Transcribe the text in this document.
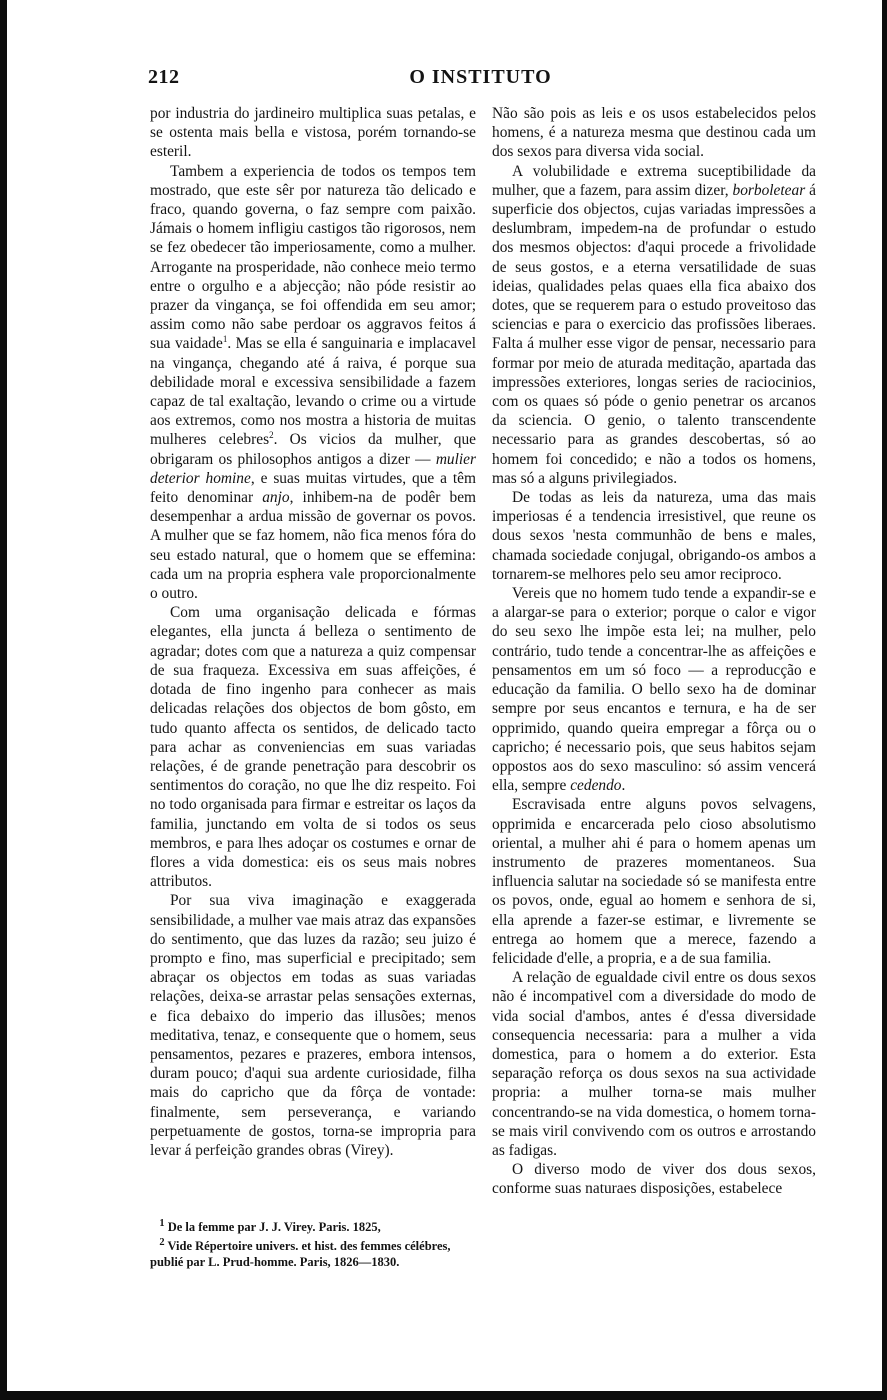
212	O INSTITUTO

por industria do jardineiro multiplica suas petalas, e se ostenta mais bella e vistosa, porém tornando-se esteril.

Tambem a experiencia de todos os tempos tem mostrado, que este sêr por natureza tão delicado e fraco, quando governa, o faz sempre com paixão. Jámais o homem infligiu castigos tão rigorosos, nem se fez obedecer tão imperiosamente, como a mulher. Arrogante na prosperidade, não conhece meio termo entre o orgulho e a abjecção; não póde resistir ao prazer da vingança, se foi offendida em seu amor; assim como não sabe perdoar os aggravos feitos á sua vaidade$^1$. Mas se ella é sanguinaria e implacavel na vingança, chegando até á raiva, é porque sua debilidade moral e excessiva sensibilidade a fazem capaz de tal exaltação, levando o crime ou a virtude aos extremos, como nos mostra a historia de muitas mulheres celebres$^2$. Os vicios da mulher, que obrigaram os philosophos antigos a dizer — mulier deterior homine, e suas muitas virtudes, que a têm feito denominar anjo, inhibem-na de podêr bem desempenhar a ardua missão de governar os povos. A mulher que se faz homem, não fica menos fóra do seu estado natural, que o homem que se effemina: cada um na propria esphera vale proporcionalmente o outro.

Com uma organisação delicada e fórmas elegantes, ella juncta á belleza o sentimento de agradar; dotes com que a natureza a quiz compensar de sua fraqueza. Excessiva em suas affeições, é dotada de fino ingenho para conhecer as mais delicadas relações dos objectos de bom gôsto, em tudo quanto affecta os sentidos, de delicado tacto para achar as conveniencias em suas variadas relações, é de grande penetração para descobrir os sentimentos do coração, no que lhe diz respeito. Foi no todo organisada para firmar e estreitar os laços da familia, junctando em volta de si todos os seus membros, e para lhes adoçar os costumes e ornar de flores a vida domestica: eis os seus mais nobres attributos.

Por sua viva imaginação e exaggerada sensibilidade, a mulher vae mais atraz das expansões do sentimento, que das luzes da razão; seu juizo é prompto e fino, mas superficial e precipitado; sem abraçar os objectos em todas as suas variadas relações, deixa-se arrastar pelas sensações externas, e fica debaixo do imperio das illusões; menos meditativa, tenaz, e consequente que o homem, seus pensamentos, pezares e prazeres, embora intensos, duram pouco; d'aqui sua ardente curiosidade, filha mais do capricho que da fôrça de vontade: finalmente, sem perseverança, e variando perpetuamente de gostos, torna-se impropria para levar á perfeição grandes obras (Virey).

$^1$ De la femme par J. J. Virey. Paris. 1825,

$^2$ Vide Répertoire univers. et hist. des femmes célébres, publié par L. Prud-homme. Paris, 1826—1830.

Não são pois as leis e os usos estabelecidos pelos homens, é a natureza mesma que destinou cada um dos sexos para diversa vida social.

A volubilidade e extrema suceptibilidade da mulher, que a fazem, para assim dizer, borboletear á superficie dos objectos, cujas variadas impressões a deslumbram, impedem-na de profundar o estudo dos mesmos objectos: d'aqui procede a frivolidade de seus gostos, e a eterna versatilidade de suas ideias, qualidades pelas quaes ella fica abaixo dos dotes, que se requerem para o estudo proveitoso das sciencias e para o exercicio das profissões liberaes. Falta á mulher esse vigor de pensar, necessario para formar por meio de aturada meditação, apartada das impressões exteriores, longas series de raciocinios, com os quaes só póde o genio penetrar os arcanos da sciencia. O genio, o talento transcendente necessario para as grandes descobertas, só ao homem foi concedido; e não a todos os homens, mas só a alguns privilegiados.

De todas as leis da natureza, uma das mais imperiosas é a tendencia irresistivel, que reune os dous sexos 'nesta communhão de bens e males, chamada sociedade conjugal, obrigando-os ambos a tornarem-se melhores pelo seu amor reciproco.

Vereis que no homem tudo tende a expandir-se e a alargar-se para o exterior; porque o calor e vigor do seu sexo lhe impõe esta lei; na mulher, pelo contrário, tudo tende a concentrar-lhe as affeições e pensamentos em um só foco — a reproducção e educação da familia. O bello sexo ha de dominar sempre por seus encantos e ternura, e ha de ser opprimido, quando queira empregar a fôrça ou o capricho; é necessario pois, que seus habitos sejam oppostos aos do sexo masculino: só assim vencerá ella, sempre cedendo.

Escravisada entre alguns povos selvagens, opprimida e encarcerada pelo cioso absolutismo oriental, a mulher ahi é para o homem apenas um instrumento de prazeres momentaneos. Sua influencia salutar na sociedade só se manifesta entre os povos, onde, egual ao homem e senhora de si, ella aprende a fazer-se estimar, e livremente se entrega ao homem que a merece, fazendo a felicidade d'elle, a propria, e a de sua familia.

A relação de egualdade civil entre os dous sexos não é incompativel com a diversidade do modo de vida social d'ambos, antes é d'essa diversidade consequencia necessaria: para a mulher a vida domestica, para o homem a do exterior. Esta separação reforça os dous sexos na sua actividade propria: a mulher torna-se mais mulher concentrando-se na vida domestica, o homem torna-se mais viril convivendo com os outros e arrostando as fadigas.

O diverso modo de viver dos dous sexos, conforme suas naturaes disposições, estabelece
